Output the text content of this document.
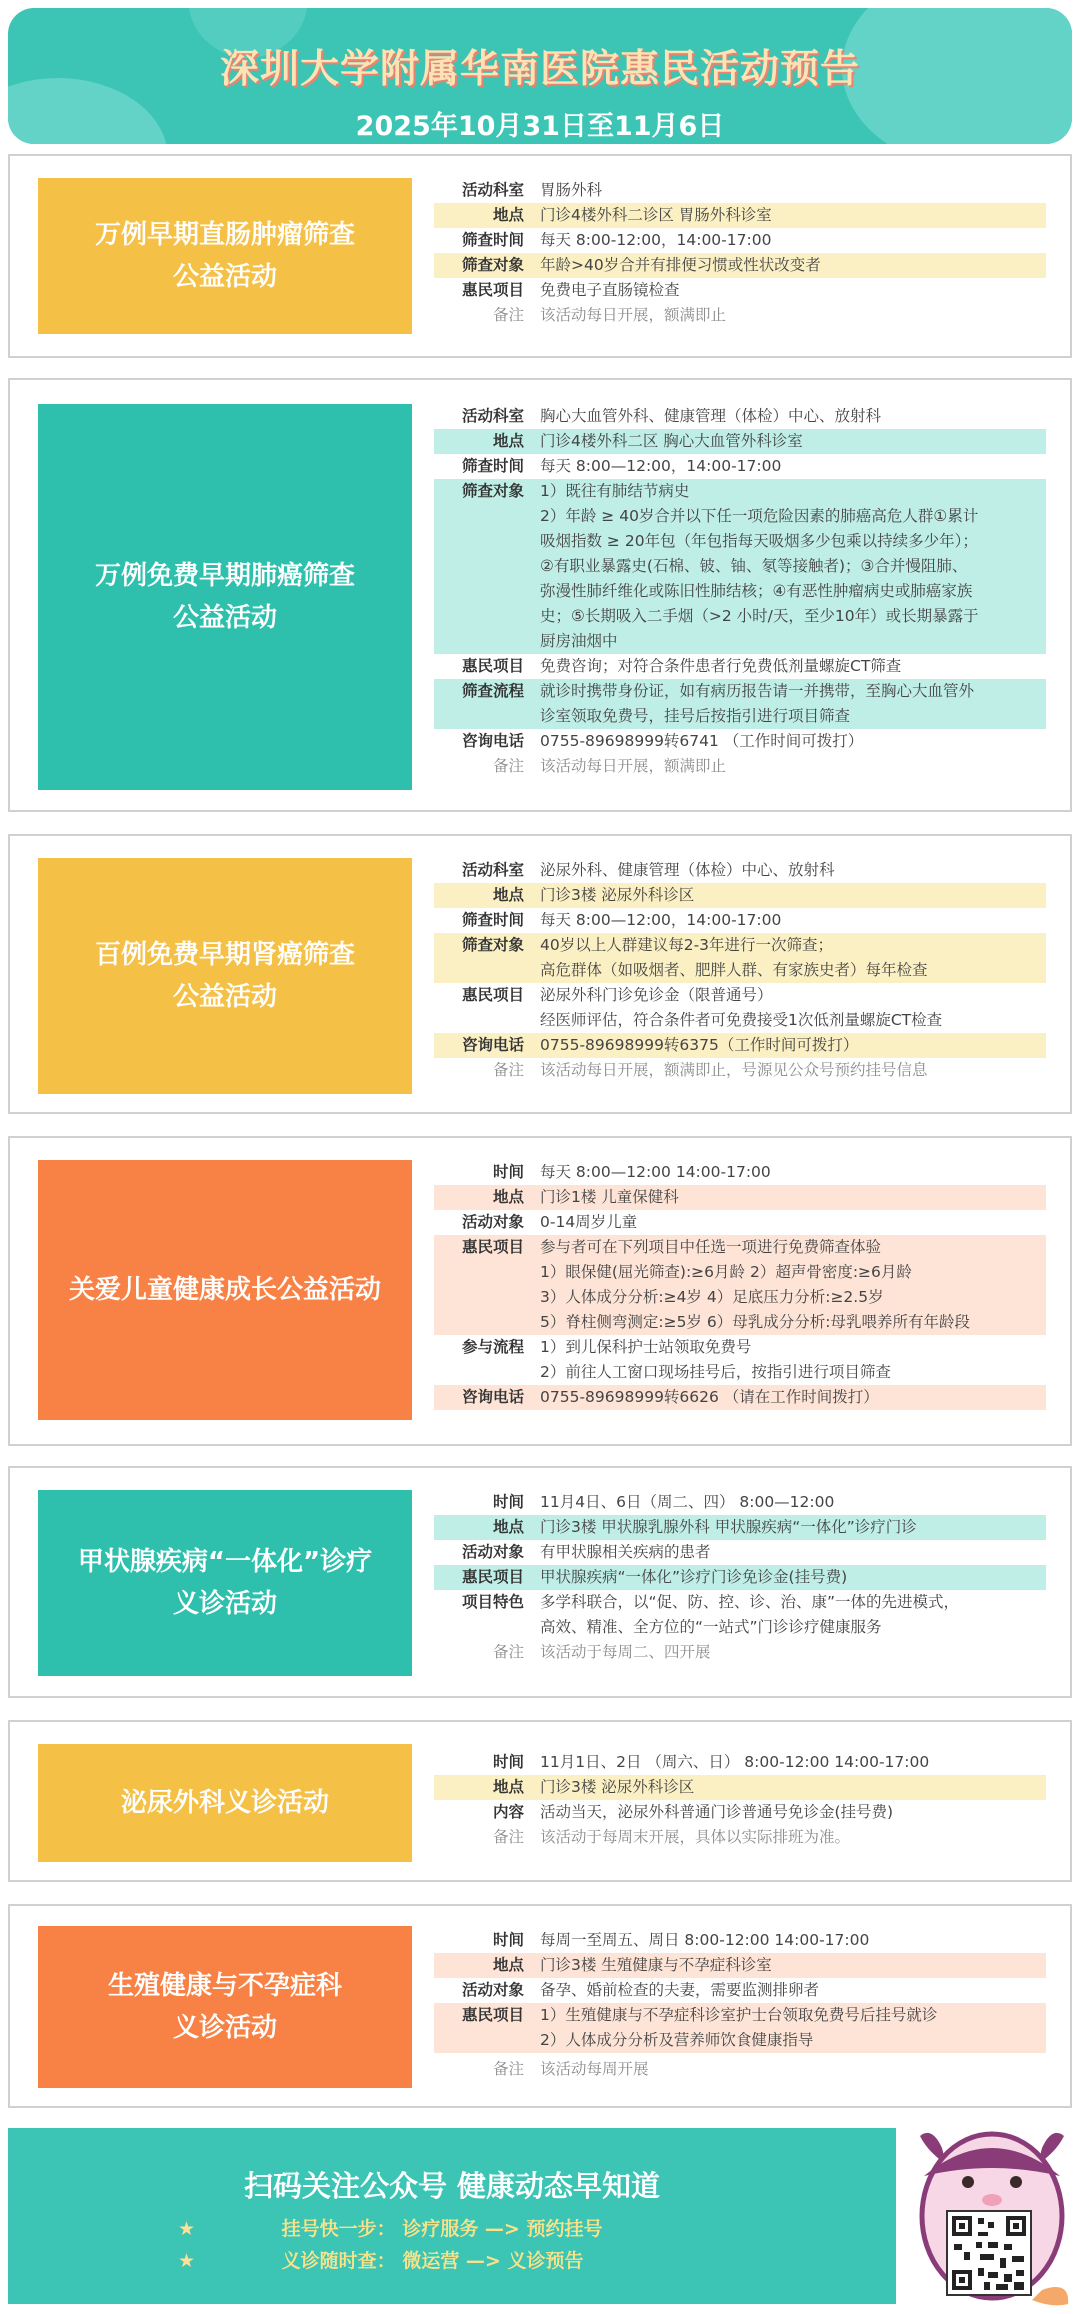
深圳大学附属华南医院惠民活动预告
2025年10月31日至11月6日
万例早期直肠肿瘤筛查
公益活动
活动科室	胃肠外科
地点	门诊4楼外科二诊区 胃肠外科诊室
筛查时间	每天 8:00-12:00，14:00-17:00
筛查对象	年龄>40岁合并有排便习惯或性状改变者
惠民项目	免费电子直肠镜检查
备注	该活动每日开展，额满即止
万例免费早期肺癌筛查
公益活动
活动科室	胸心大血管外科、健康管理（体检）中心、放射科
地点	门诊4楼外科二区 胸心大血管外科诊室
筛查时间	每天 8:00—12:00，14:00-17:00
筛查对象	1）既往有肺结节病史
2）年龄 ≥ 40岁合并以下任一项危险因素的肺癌高危人群①累计
吸烟指数 ≥ 20年包（年包指每天吸烟多少包乘以持续多少年）；
②有职业暴露史(石棉、铍、铀、氡等接触者)；③合并慢阻肺、
弥漫性肺纤维化或陈旧性肺结核；④有恶性肿瘤病史或肺癌家族
史；⑤长期吸入二手烟（>2 小时/天，至少10年）或长期暴露于
厨房油烟中
惠民项目	免费咨询；对符合条件患者行免费低剂量螺旋CT筛查
筛查流程	就诊时携带身份证，如有病历报告请一并携带，至胸心大血管外
诊室领取免费号，挂号后按指引进行项目筛查
咨询电话	0755-89698999转6741 （工作时间可拨打）
备注	该活动每日开展，额满即止
百例免费早期肾癌筛查
公益活动
活动科室	泌尿外科、健康管理（体检）中心、放射科
地点	门诊3楼 泌尿外科诊区
筛查时间	每天 8:00—12:00，14:00-17:00
筛查对象	40岁以上人群建议每2-3年进行一次筛查；
高危群体（如吸烟者、肥胖人群、有家族史者）每年检查
惠民项目	泌尿外科门诊免诊金（限普通号）
经医师评估，符合条件者可免费接受1次低剂量螺旋CT检查
咨询电话	0755-89698999转6375（工作时间可拨打）
备注	该活动每日开展，额满即止，号源见公众号预约挂号信息
关爱儿童健康成长公益活动
时间	每天 8:00—12:00 14:00-17:00
地点	门诊1楼 儿童保健科
活动对象	0-14周岁儿童
惠民项目	参与者可在下列项目中任选一项进行免费筛查体验
1）眼保健(屈光筛查):≥6月龄 2）超声骨密度:≥6月龄
3）人体成分分析:≥4岁 4）足底压力分析:≥2.5岁
5）脊柱侧弯测定:≥5岁 6）母乳成分分析:母乳喂养所有年龄段
参与流程	1）到儿保科护士站领取免费号
2）前往人工窗口现场挂号后，按指引进行项目筛查
咨询电话	0755-89698999转6626 （请在工作时间拨打）
甲状腺疾病“一体化”诊疗
义诊活动
时间	11月4日、6日（周二、四） 8:00—12:00
地点	门诊3楼 甲状腺乳腺外科 甲状腺疾病“一体化”诊疗门诊
活动对象	有甲状腺相关疾病的患者
惠民项目	甲状腺疾病“一体化”诊疗门诊免诊金(挂号费)
项目特色	多学科联合，以“促、防、控、诊、治、康”一体的先进模式，
高效、精准、全方位的“一站式”门诊诊疗健康服务
备注	该活动于每周二、四开展
泌尿外科义诊活动
时间	11月1日、2日 （周六、日） 8:00-12:00 14:00-17:00
地点	门诊3楼 泌尿外科诊区
内容	活动当天，泌尿外科普通门诊普通号免诊金(挂号费)
备注	该活动于每周末开展，具体以实际排班为准。
生殖健康与不孕症科
义诊活动
时间	每周一至周五、周日 8:00-12:00 14:00-17:00
地点	门诊3楼 生殖健康与不孕症科诊室
活动对象	备孕、婚前检查的夫妻，需要监测排卵者
惠民项目	1）生殖健康与不孕症科诊室护士台领取免费号后挂号就诊
2）人体成分分析及营养师饮食健康指导
备注	该活动每周开展
扫码关注公众号 健康动态早知道
★	挂号快一步： 诊疗服务 —> 预约挂号
★	义诊随时查： 微运营 —> 义诊预告
